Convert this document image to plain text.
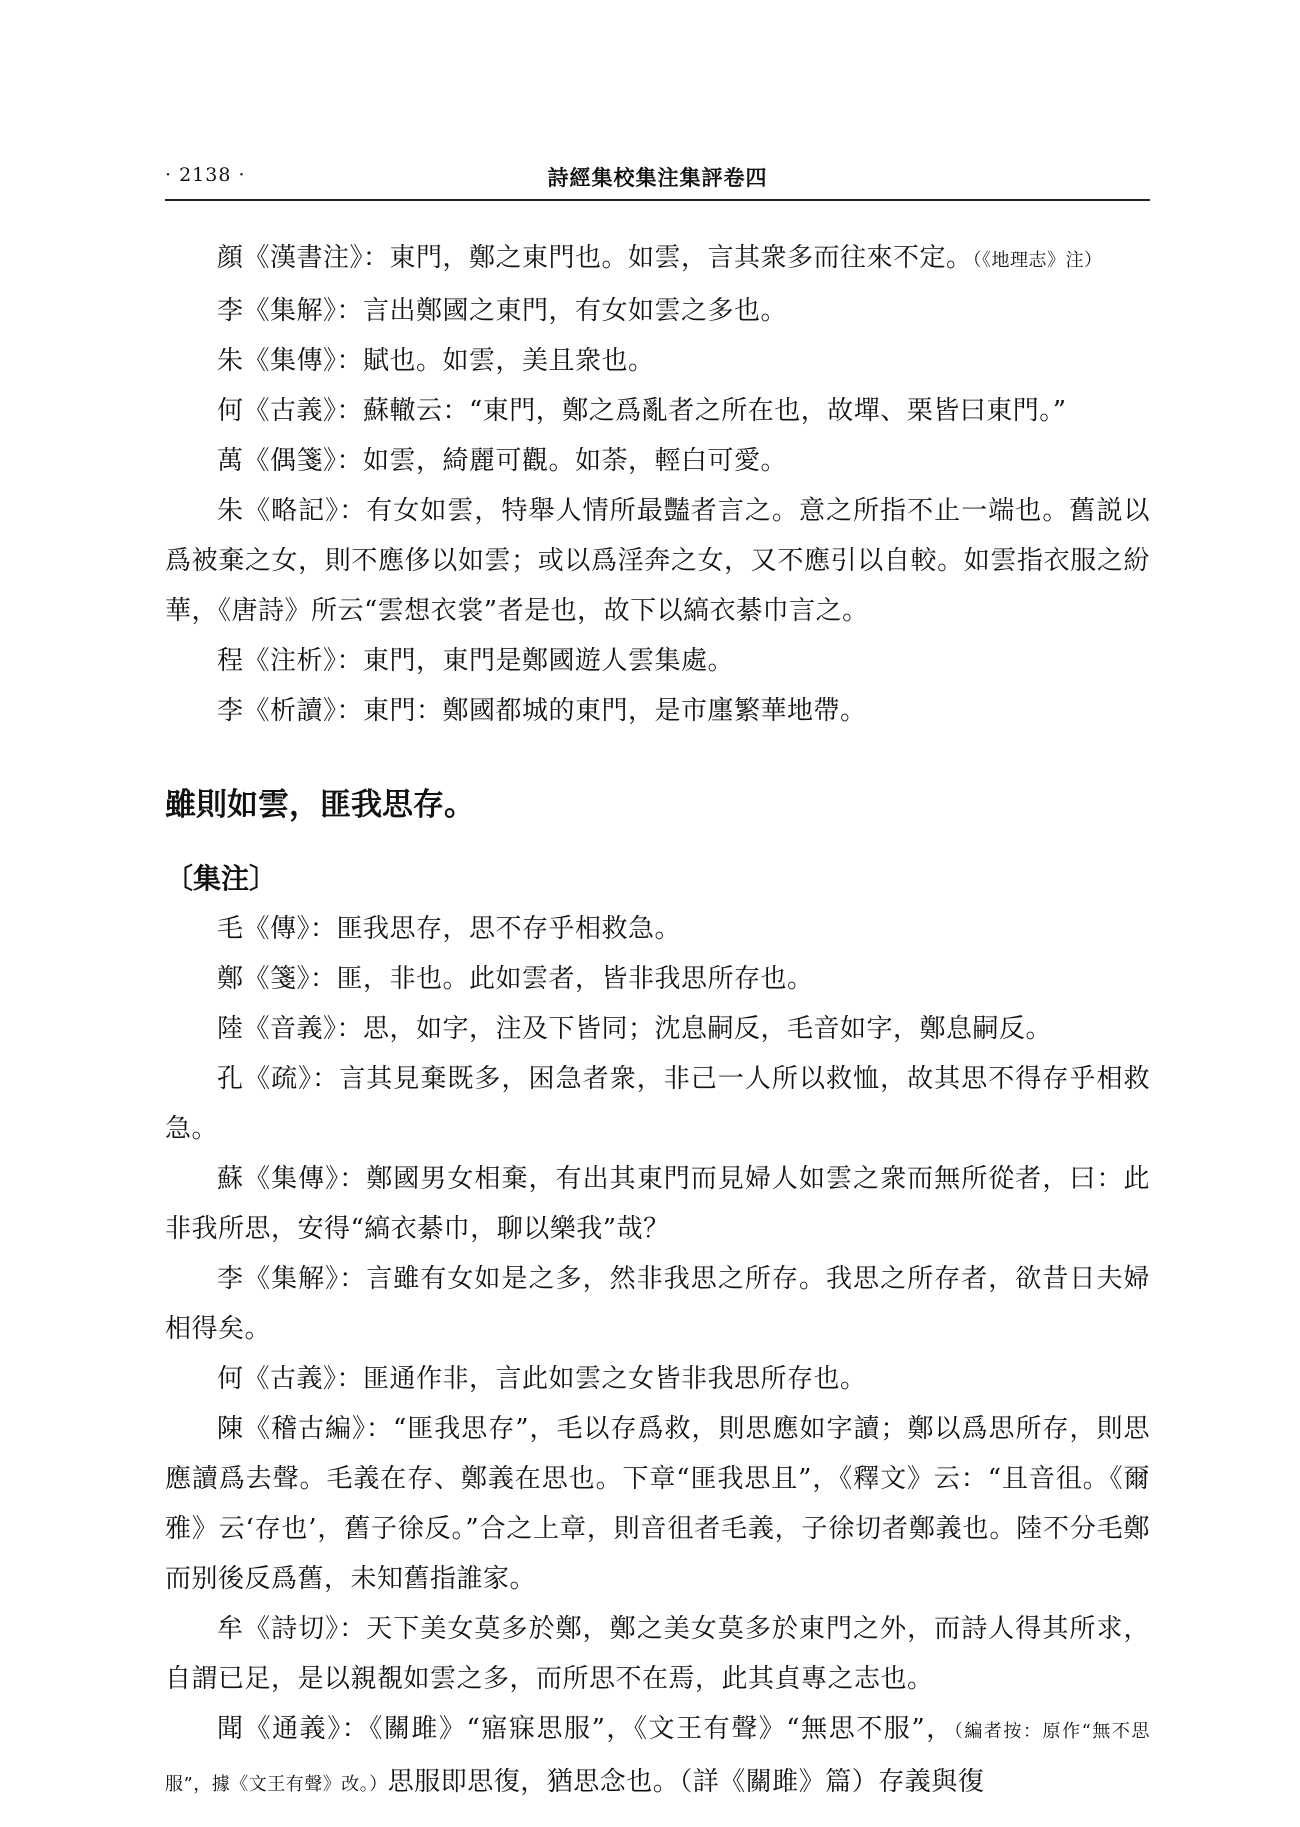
· 2138 ·	詩經集校集注集評卷四

顔《漢書注》：東門，鄭之東門也。如雲，言其衆多而往來不定。（《地理志》注）

李《集解》：言出鄭國之東門，有女如雲之多也。

朱《集傳》：賦也。如雲，美且衆也。

何《古義》：蘇轍云：“東門，鄭之爲亂者之所在也，故墠、栗皆曰東門。”

萬《偶箋》：如雲，綺麗可觀。如荼，輕白可愛。

朱《略記》：有女如雲，特舉人情所最豔者言之。意之所指不止一端也。舊説以爲被棄之女，則不應侈以如雲；或以爲淫奔之女，又不應引以自較。如雲指衣服之紛華，《唐詩》所云“雲想衣裳”者是也，故下以縞衣綦巾言之。

程《注析》：東門，東門是鄭國遊人雲集處。

李《析讀》：東門：鄭國都城的東門，是市廛繁華地帶。

雖則如雲，匪我思存。

〔集注〕

毛《傳》：匪我思存，思不存乎相救急。

鄭《箋》：匪，非也。此如雲者，皆非我思所存也。

陸《音義》：思，如字，注及下皆同；沈息嗣反，毛音如字，鄭息嗣反。

孔《疏》：言其見棄既多，困急者衆，非己一人所以救恤，故其思不得存乎相救急。

蘇《集傳》：鄭國男女相棄，有出其東門而見婦人如雲之衆而無所從者，曰：此非我所思，安得“縞衣綦巾，聊以樂我”哉？

李《集解》：言雖有女如是之多，然非我思之所存。我思之所存者，欲昔日夫婦相得矣。

何《古義》：匪通作非，言此如雲之女皆非我思所存也。

陳《稽古編》：“匪我思存”，毛以存爲救，則思應如字讀；鄭以爲思所存，則思應讀爲去聲。毛義在存、鄭義在思也。下章“匪我思且”，《釋文》云：“且音徂。《爾雅》云‘存也’，舊子徐反。”合之上章，則音徂者毛義，子徐切者鄭義也。陸不分毛鄭而别後反爲舊，未知舊指誰家。

牟《詩切》：天下美女莫多於鄭，鄭之美女莫多於東門之外，而詩人得其所求，自謂已足，是以親覩如雲之多，而所思不在焉，此其貞專之志也。

聞《通義》：《關雎》“寤寐思服”，《文王有聲》“無思不服”，（編者按：原作“無不思服”，據《文王有聲》改。）思服即思復，猶思念也。（詳《關雎》篇）存義與復
